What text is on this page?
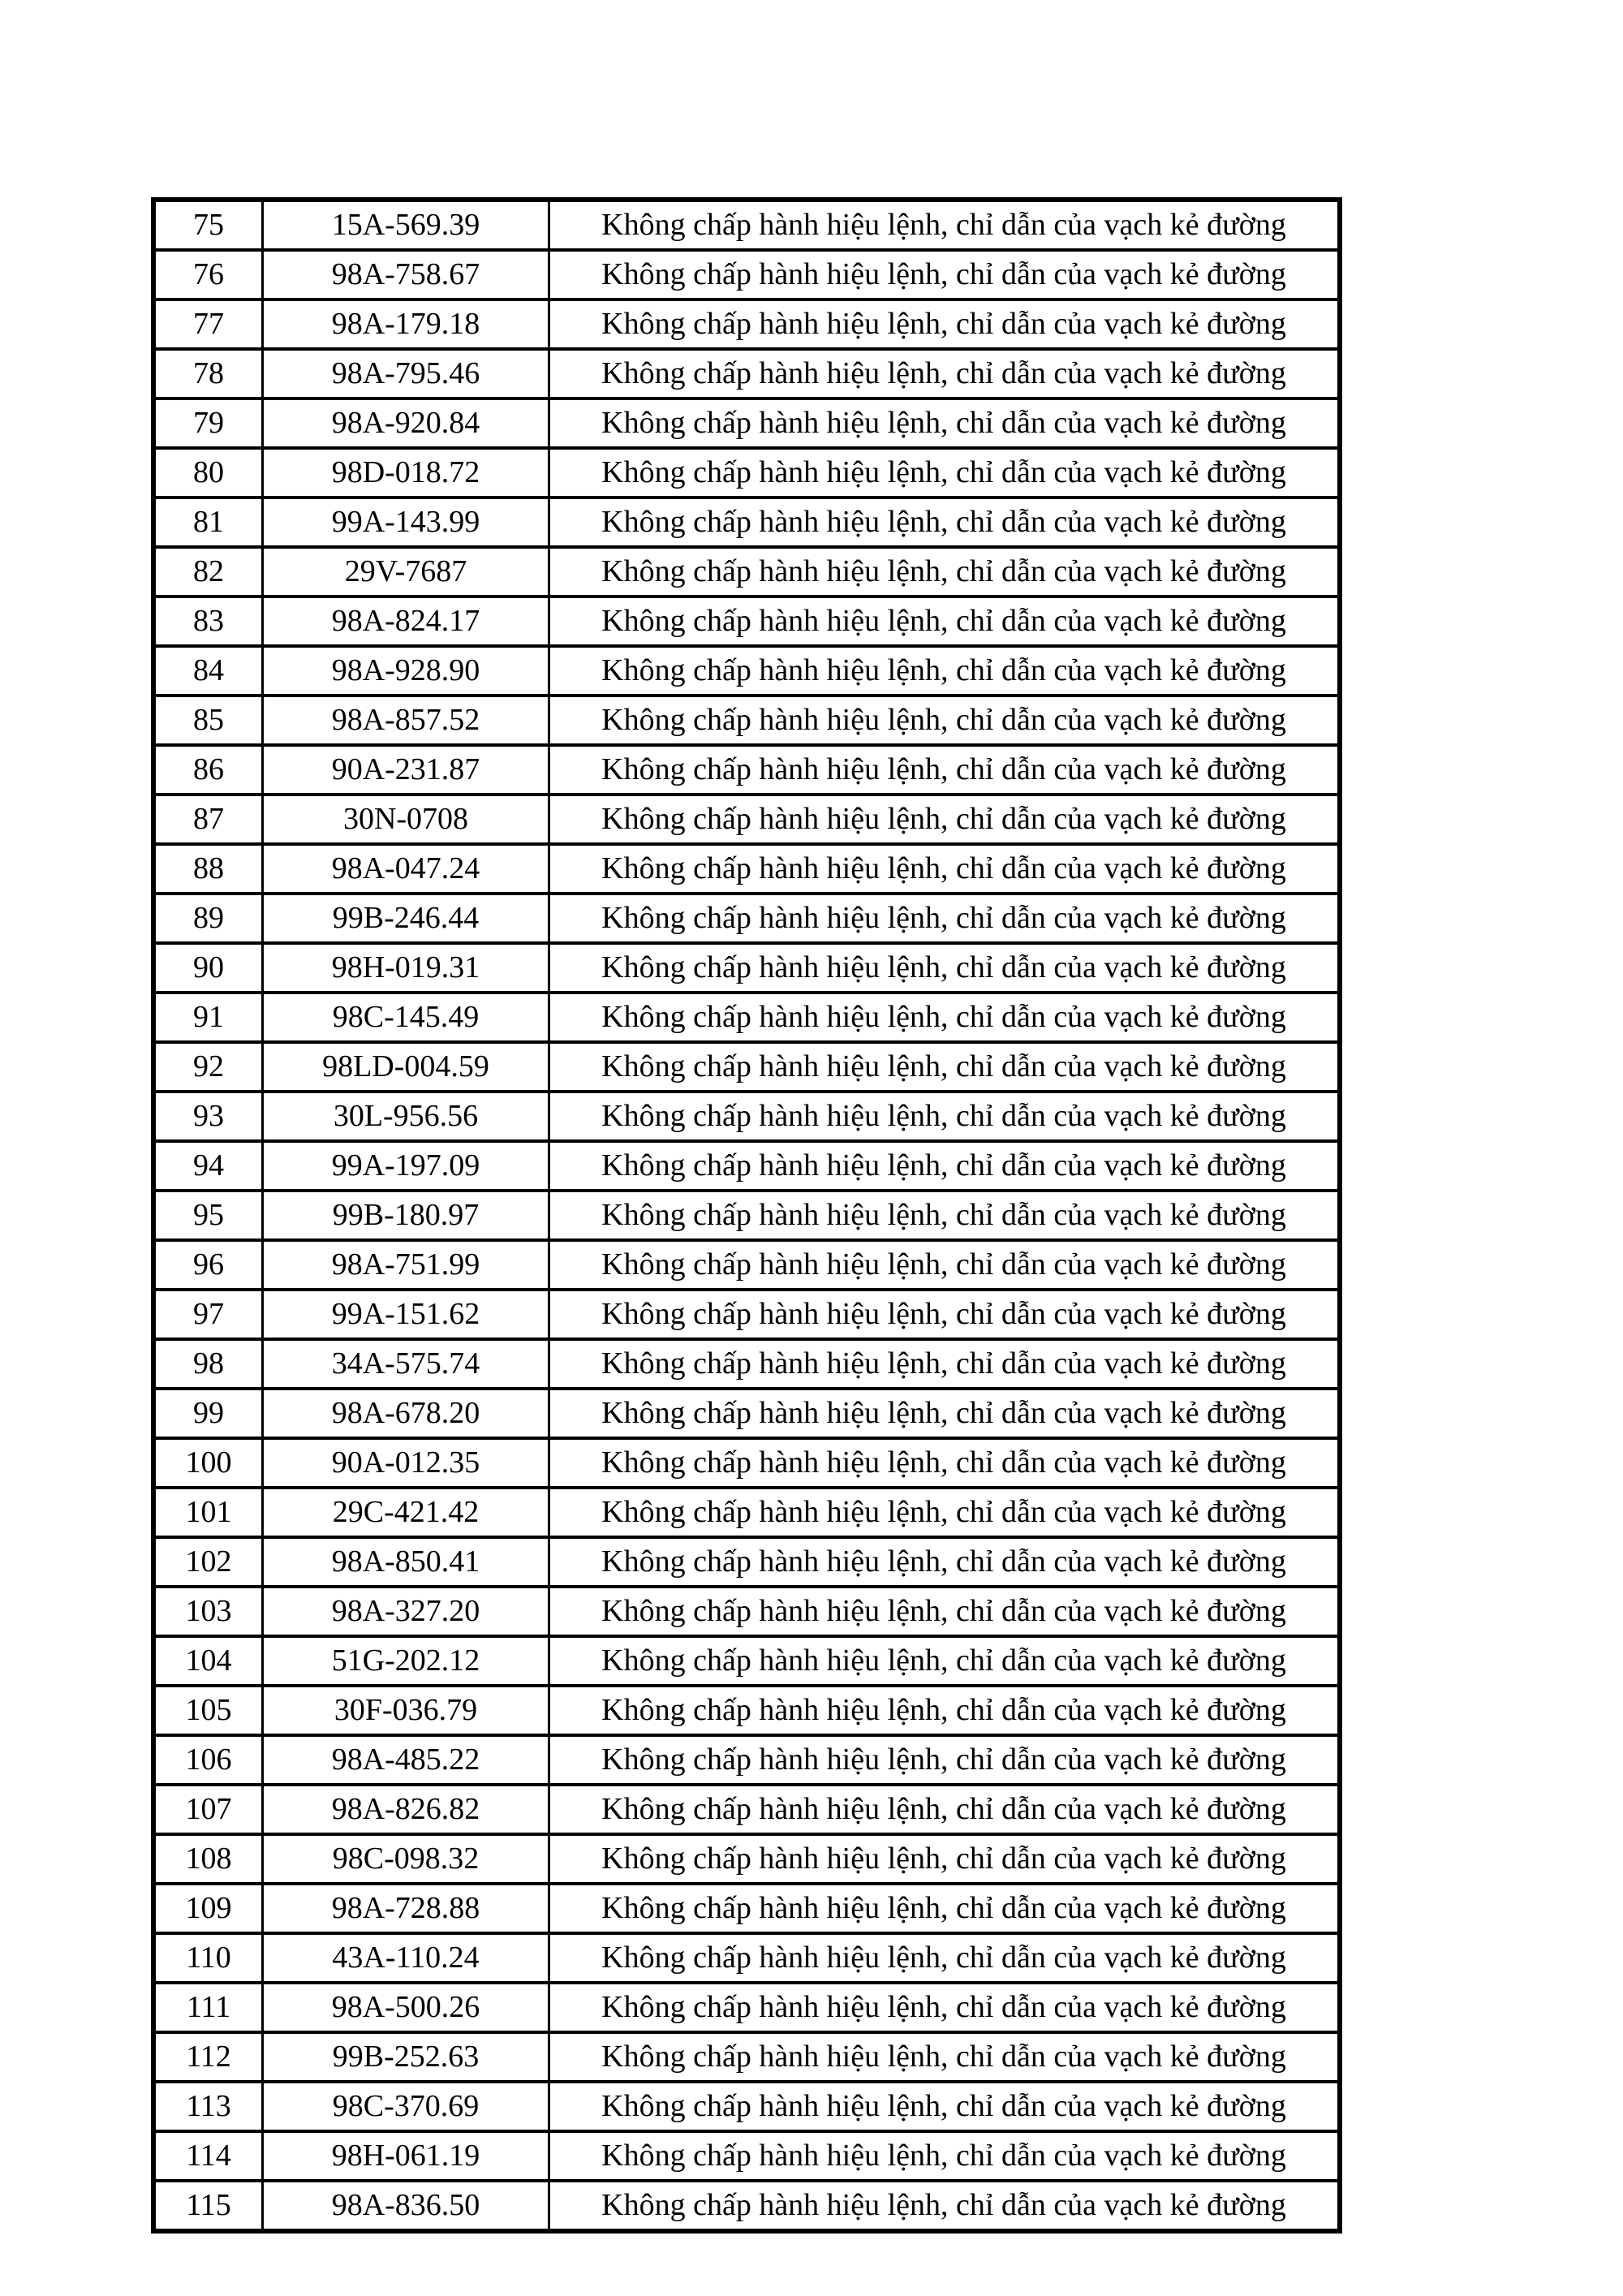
75	15A-569.39	Không chấp hành hiệu lệnh, chỉ dẫn của vạch kẻ đường
76	98A-758.67	Không chấp hành hiệu lệnh, chỉ dẫn của vạch kẻ đường
77	98A-179.18	Không chấp hành hiệu lệnh, chỉ dẫn của vạch kẻ đường
78	98A-795.46	Không chấp hành hiệu lệnh, chỉ dẫn của vạch kẻ đường
79	98A-920.84	Không chấp hành hiệu lệnh, chỉ dẫn của vạch kẻ đường
80	98D-018.72	Không chấp hành hiệu lệnh, chỉ dẫn của vạch kẻ đường
81	99A-143.99	Không chấp hành hiệu lệnh, chỉ dẫn của vạch kẻ đường
82	29V-7687	Không chấp hành hiệu lệnh, chỉ dẫn của vạch kẻ đường
83	98A-824.17	Không chấp hành hiệu lệnh, chỉ dẫn của vạch kẻ đường
84	98A-928.90	Không chấp hành hiệu lệnh, chỉ dẫn của vạch kẻ đường
85	98A-857.52	Không chấp hành hiệu lệnh, chỉ dẫn của vạch kẻ đường
86	90A-231.87	Không chấp hành hiệu lệnh, chỉ dẫn của vạch kẻ đường
87	30N-0708	Không chấp hành hiệu lệnh, chỉ dẫn của vạch kẻ đường
88	98A-047.24	Không chấp hành hiệu lệnh, chỉ dẫn của vạch kẻ đường
89	99B-246.44	Không chấp hành hiệu lệnh, chỉ dẫn của vạch kẻ đường
90	98H-019.31	Không chấp hành hiệu lệnh, chỉ dẫn của vạch kẻ đường
91	98C-145.49	Không chấp hành hiệu lệnh, chỉ dẫn của vạch kẻ đường
92	98LD-004.59	Không chấp hành hiệu lệnh, chỉ dẫn của vạch kẻ đường
93	30L-956.56	Không chấp hành hiệu lệnh, chỉ dẫn của vạch kẻ đường
94	99A-197.09	Không chấp hành hiệu lệnh, chỉ dẫn của vạch kẻ đường
95	99B-180.97	Không chấp hành hiệu lệnh, chỉ dẫn của vạch kẻ đường
96	98A-751.99	Không chấp hành hiệu lệnh, chỉ dẫn của vạch kẻ đường
97	99A-151.62	Không chấp hành hiệu lệnh, chỉ dẫn của vạch kẻ đường
98	34A-575.74	Không chấp hành hiệu lệnh, chỉ dẫn của vạch kẻ đường
99	98A-678.20	Không chấp hành hiệu lệnh, chỉ dẫn của vạch kẻ đường
100	90A-012.35	Không chấp hành hiệu lệnh, chỉ dẫn của vạch kẻ đường
101	29C-421.42	Không chấp hành hiệu lệnh, chỉ dẫn của vạch kẻ đường
102	98A-850.41	Không chấp hành hiệu lệnh, chỉ dẫn của vạch kẻ đường
103	98A-327.20	Không chấp hành hiệu lệnh, chỉ dẫn của vạch kẻ đường
104	51G-202.12	Không chấp hành hiệu lệnh, chỉ dẫn của vạch kẻ đường
105	30F-036.79	Không chấp hành hiệu lệnh, chỉ dẫn của vạch kẻ đường
106	98A-485.22	Không chấp hành hiệu lệnh, chỉ dẫn của vạch kẻ đường
107	98A-826.82	Không chấp hành hiệu lệnh, chỉ dẫn của vạch kẻ đường
108	98C-098.32	Không chấp hành hiệu lệnh, chỉ dẫn của vạch kẻ đường
109	98A-728.88	Không chấp hành hiệu lệnh, chỉ dẫn của vạch kẻ đường
110	43A-110.24	Không chấp hành hiệu lệnh, chỉ dẫn của vạch kẻ đường
111	98A-500.26	Không chấp hành hiệu lệnh, chỉ dẫn của vạch kẻ đường
112	99B-252.63	Không chấp hành hiệu lệnh, chỉ dẫn của vạch kẻ đường
113	98C-370.69	Không chấp hành hiệu lệnh, chỉ dẫn của vạch kẻ đường
114	98H-061.19	Không chấp hành hiệu lệnh, chỉ dẫn của vạch kẻ đường
115	98A-836.50	Không chấp hành hiệu lệnh, chỉ dẫn của vạch kẻ đường
